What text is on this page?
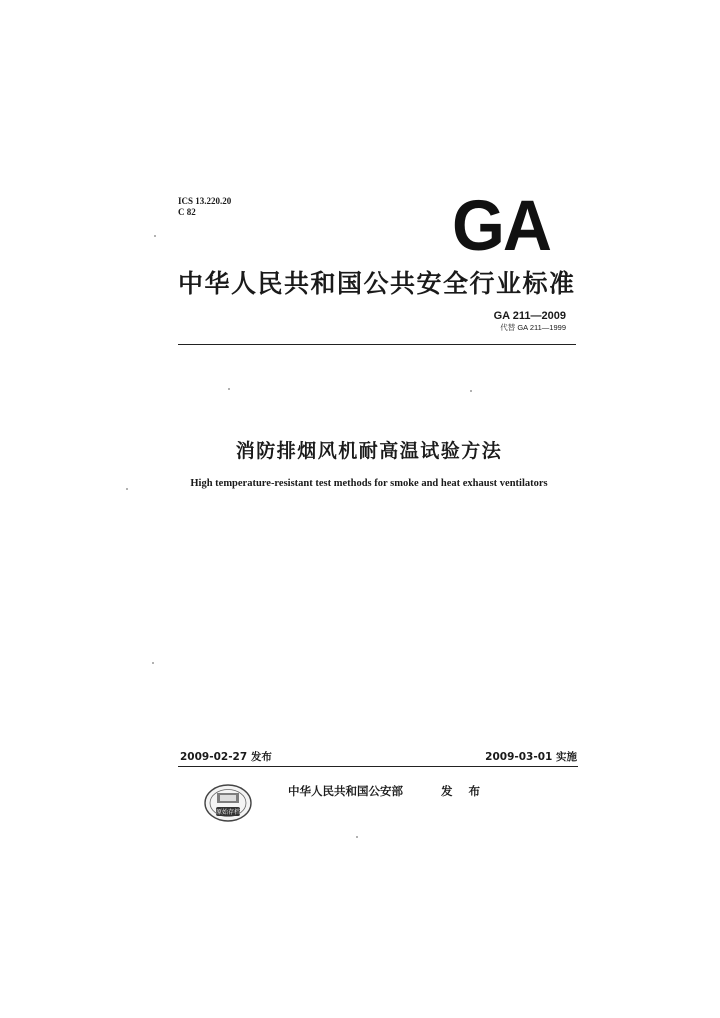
ICS 13.220.20
C 82	GA
中华人民共和国公共安全行业标准
GA 211—2009
代替 GA 211—1999
消防排烟风机耐高温试验方法
High temperature-resistant test methods for smoke and heat exhaust ventilators
2009-02-27 发布	2009-03-01 实施
原始存档
中华人民共和国公安部	发 布
